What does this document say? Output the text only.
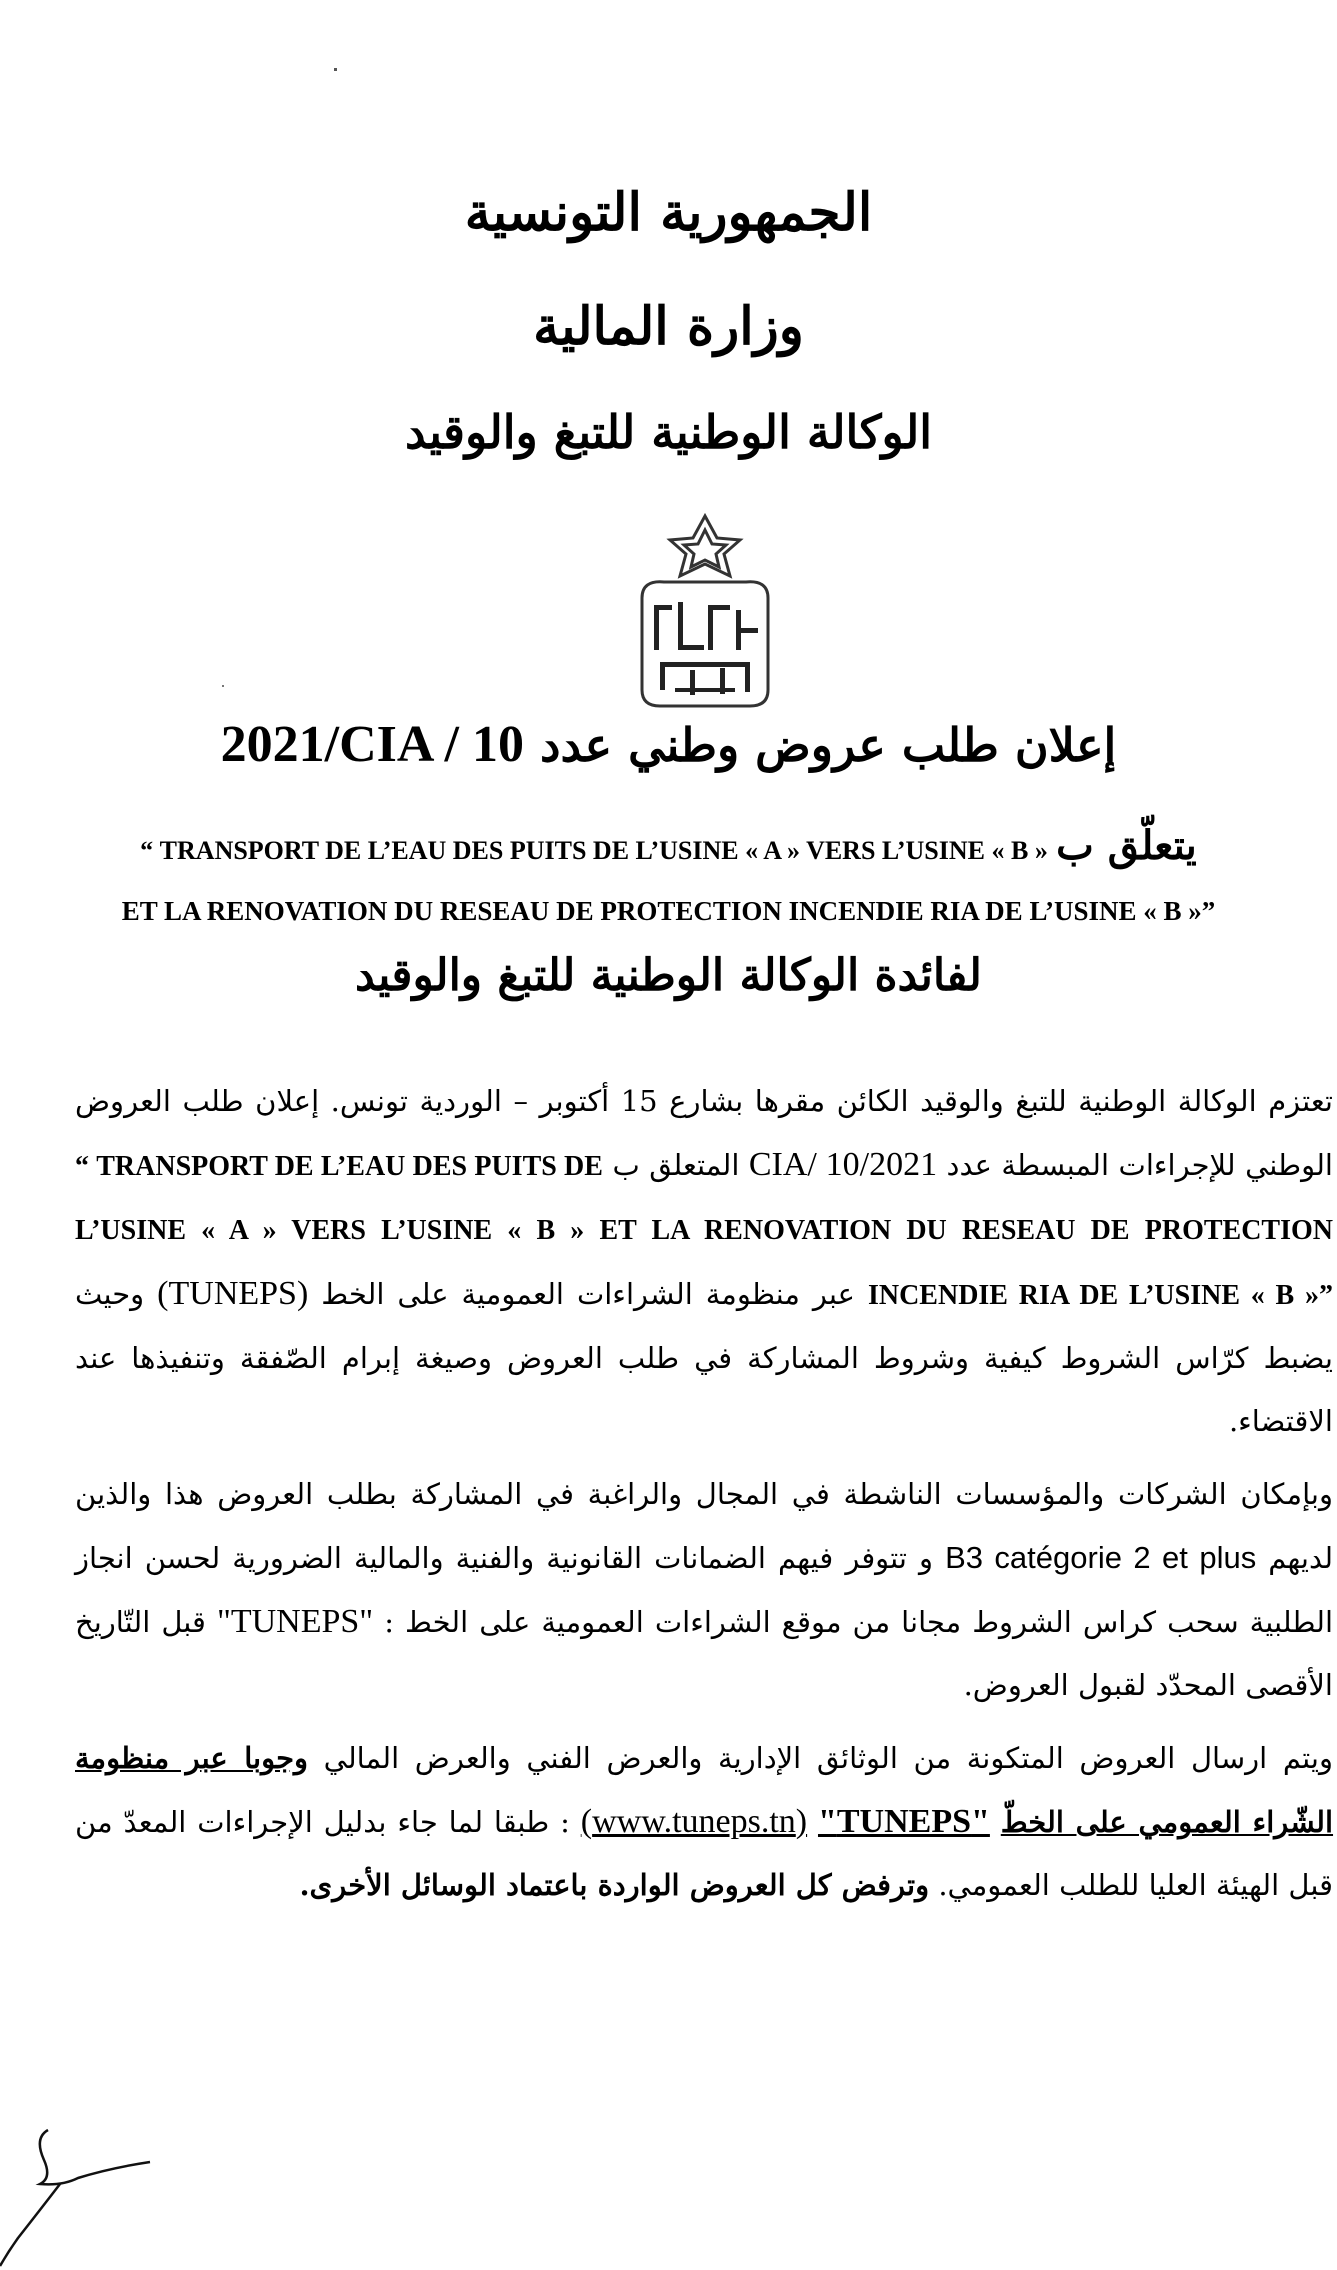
الجمهورية التونسية
وزارة المالية
الوكالة الوطنية للتبغ والوقيد
إعلان طلب عروض وطني عدد 2021/CIA / 10
يتعلّق ب “ TRANSPORT DE L’EAU DES PUITS DE L’USINE « A » VERS L’USINE « B »
ET LA RENOVATION DU RESEAU DE PROTECTION INCENDIE RIA DE L’USINE « B »”
لفائدة الوكالة الوطنية للتبغ والوقيد

تعتزم الوكالة الوطنية للتبغ والوقيد الكائن مقرها بشارع 15 أكتوبر – الوردية تونس. إعلان طلب العروض الوطني للإجراءات المبسطة عدد 2021/CIA/ 10 المتعلق ب “ TRANSPORT DE L’EAU DES PUITS DE L’USINE « A » VERS L’USINE « B » ET LA RENOVATION DU RESEAU DE PROTECTION INCENDIE RIA DE L’USINE « B »” عبر منظومة الشراءات العمومية على الخط (TUNEPS) وحيث يضبط كرّاس الشروط كيفية وشروط المشاركة في طلب العروض وصيغة إبرام الصّفقة وتنفيذها عند الاقتضاء.

وبإمكان الشركات والمؤسسات الناشطة في المجال والراغبة في المشاركة بطلب العروض هذا والذين لديهم B3 catégorie 2 et plus و تتوفر فيهم الضمانات القانونية والفنية والمالية الضرورية لحسن انجاز الطلبية سحب كراس الشروط مجانا من موقع الشراءات العمومية على الخط : "TUNEPS" قبل التّاريخ الأقصى المحدّد لقبول العروض.

ويتم ارسال العروض المتكونة من الوثائق الإدارية والعرض الفني والعرض المالي وجوبا عبر منظومة الشّراء العمومي على الخطّ "TUNEPS" (www.tuneps.tn) : طبقا لما جاء بدليل الإجراءات المعدّ من قبل الهيئة العليا للطلب العمومي. وترفض كل العروض الواردة باعتماد الوسائل الأخرى.
